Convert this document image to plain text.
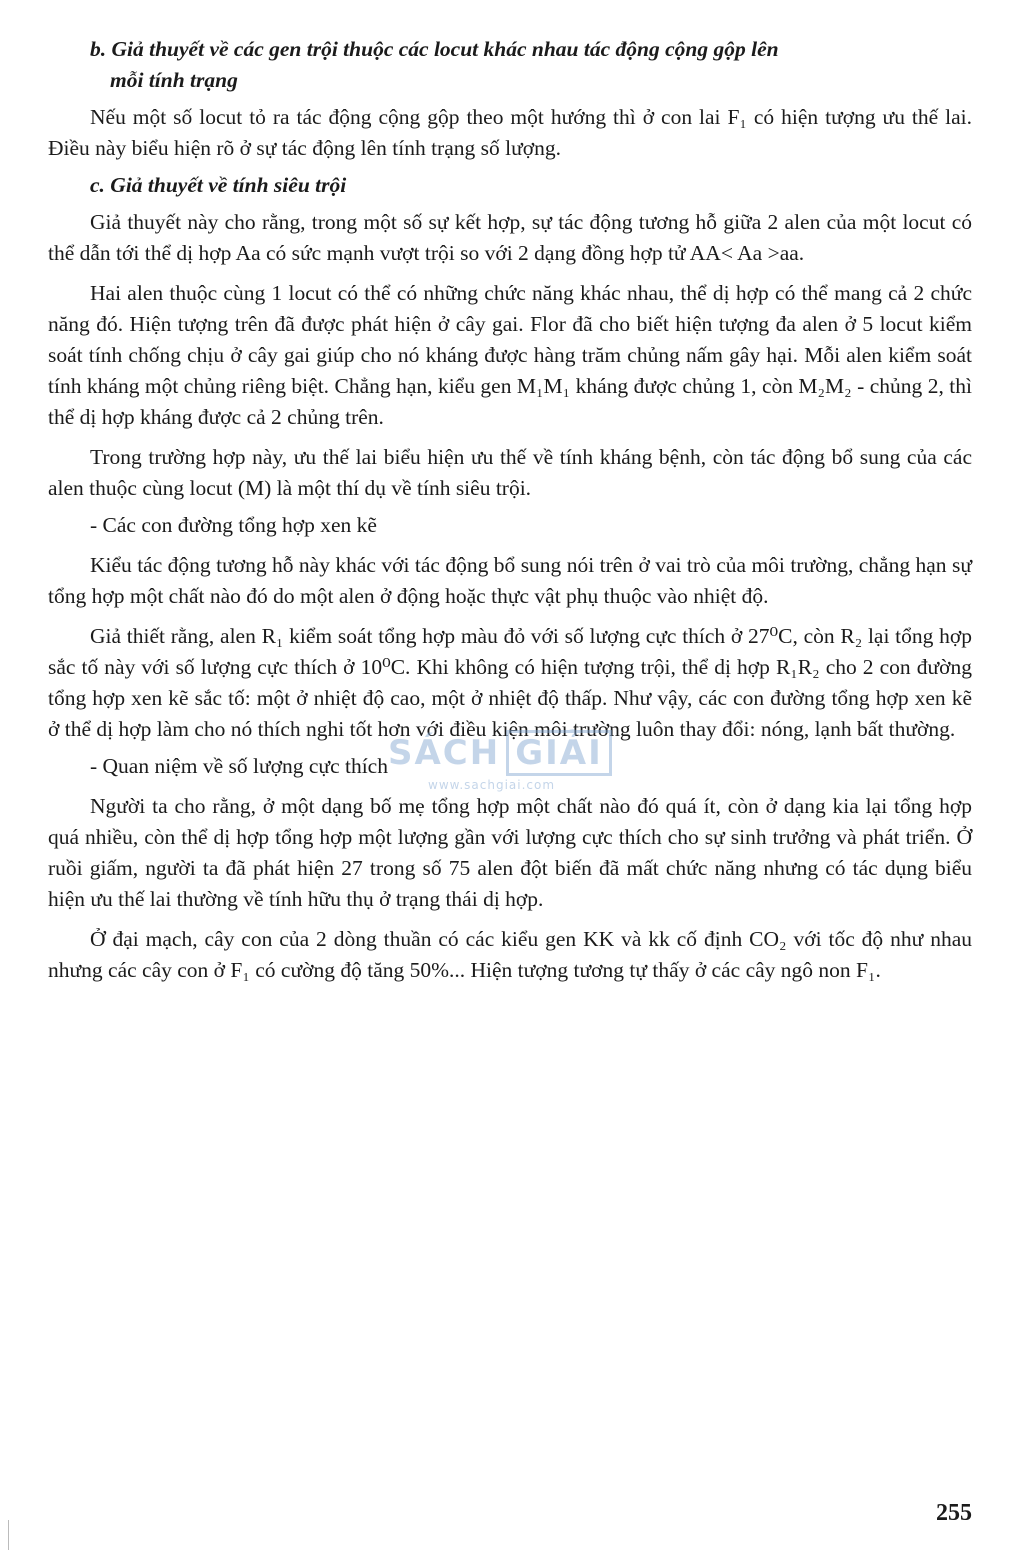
b. Giả thuyết về các gen trội thuộc các locut khác nhau tác động cộng gộp lên
mỗi tính trạng

Nếu một số locut tỏ ra tác động cộng gộp theo một hướng thì ở con lai F₁ có hiện tượng ưu thế lai. Điều này biểu hiện rõ ở sự tác động lên tính trạng số lượng.

c. Giả thuyết về tính siêu trội

Giả thuyết này cho rằng, trong một số sự kết hợp, sự tác động tương hỗ giữa 2 alen của một locut có thể dẫn tới thể dị hợp Aa có sức mạnh vượt trội so với 2 dạng đồng hợp tử AA< Aa >aa.

Hai alen thuộc cùng 1 locut có thể có những chức năng khác nhau, thể dị hợp có thể mang cả 2 chức năng đó. Hiện tượng trên đã được phát hiện ở cây gai. Flor đã cho biết hiện tượng đa alen ở 5 locut kiểm soát tính chống chịu ở cây gai giúp cho nó kháng được hàng trăm chủng nấm gây hại. Mỗi alen kiểm soát tính kháng một chủng riêng biệt. Chẳng hạn, kiểu gen M₁M₁ kháng được chủng 1, còn M₂M₂ - chủng 2, thì thể dị hợp kháng được cả 2 chủng trên.

Trong trường hợp này, ưu thế lai biểu hiện ưu thế về tính kháng bệnh, còn tác động bổ sung của các alen thuộc cùng locut (M) là một thí dụ về tính siêu trội.

- Các con đường tổng hợp xen kẽ

Kiểu tác động tương hỗ này khác với tác động bổ sung nói trên ở vai trò của môi trường, chẳng hạn sự tổng hợp một chất nào đó do một alen ở động hoặc thực vật phụ thuộc vào nhiệt độ.

Giả thiết rằng, alen R₁ kiểm soát tổng hợp màu đỏ với số lượng cực thích ở 27⁰C, còn R₂ lại tổng hợp sắc tố này với số lượng cực thích ở 10⁰C. Khi không có hiện tượng trội, thể dị hợp R₁R₂ cho 2 con đường tổng hợp xen kẽ sắc tố: một ở nhiệt độ cao, một ở nhiệt độ thấp. Như vậy, các con đường tổng hợp xen kẽ ở thể dị hợp làm cho nó thích nghi tốt hơn với điều kiện môi trường luôn thay đổi: nóng, lạnh bất thường.

- Quan niệm về số lượng cực thích

Người ta cho rằng, ở một dạng bố mẹ tổng hợp một chất nào đó quá ít, còn ở dạng kia lại tổng hợp quá nhiều, còn thể dị hợp tổng hợp một lượng gần với lượng cực thích cho sự sinh trưởng và phát triển. Ở ruồi giấm, người ta đã phát hiện 27 trong số 75 alen đột biến đã mất chức năng nhưng có tác dụng biểu hiện ưu thế lai thường về tính hữu thụ ở trạng thái dị hợp.

Ở đại mạch, cây con của 2 dòng thuần có các kiểu gen KK và kk cố định CO₂ với tốc độ như nhau nhưng các cây con ở F₁ có cường độ tăng 50%... Hiện tượng tương tự thấy ở các cây ngô non F₁.

SÁCH GIẢI
www.sachgiai.com
255
